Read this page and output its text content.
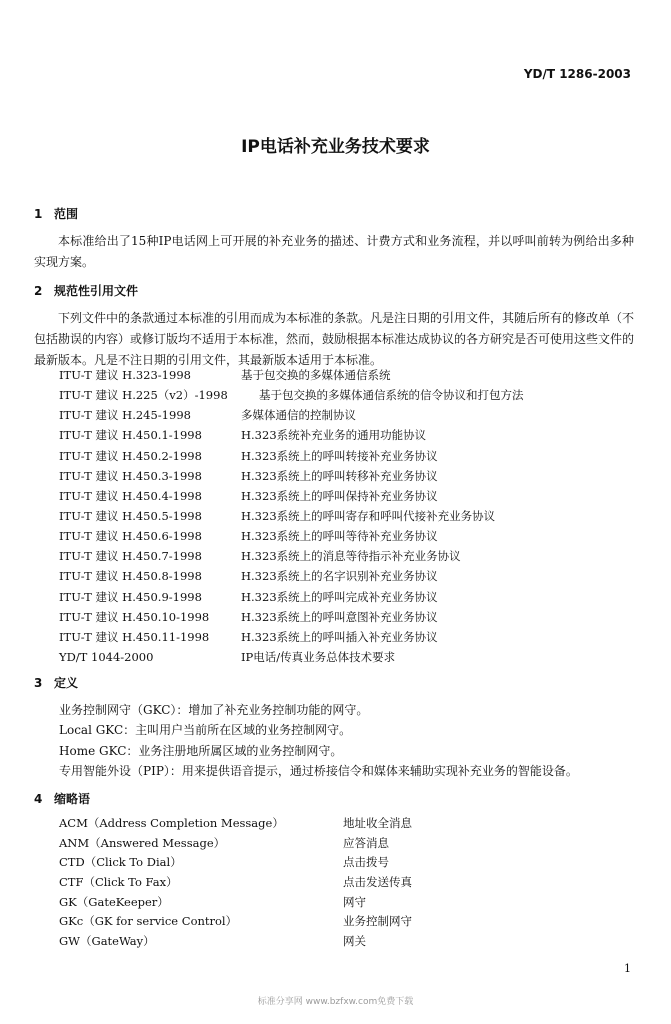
YD/T 1286-2003
IP电话补充业务技术要求
1 范围
本标准给出了15种IP电话网上可开展的补充业务的描述、计费方式和业务流程，并以呼叫前转为例给出多种实现方案。
2 规范性引用文件
下列文件中的条款通过本标准的引用而成为本标准的条款。凡是注日期的引用文件，其随后所有的修改单（不包括勘误的内容）或修订版均不适用于本标准，然而，鼓励根据本标准达成协议的各方研究是否可使用这些文件的最新版本。凡是不注日期的引用文件，其最新版本适用于本标准。
ITU-T 建议 H.323-1998	基于包交换的多媒体通信系统
ITU-T 建议 H.225（v2）-1998	基于包交换的多媒体通信系统的信令协议和打包方法
ITU-T 建议 H.245-1998	多媒体通信的控制协议
ITU-T 建议 H.450.1-1998	H.323系统补充业务的通用功能协议
ITU-T 建议 H.450.2-1998	H.323系统上的呼叫转接补充业务协议
ITU-T 建议 H.450.3-1998	H.323系统上的呼叫转移补充业务协议
ITU-T 建议 H.450.4-1998	H.323系统上的呼叫保持补充业务协议
ITU-T 建议 H.450.5-1998	H.323系统上的呼叫寄存和呼叫代接补充业务协议
ITU-T 建议 H.450.6-1998	H.323系统上的呼叫等待补充业务协议
ITU-T 建议 H.450.7-1998	H.323系统上的消息等待指示补充业务协议
ITU-T 建议 H.450.8-1998	H.323系统上的名字识别补充业务协议
ITU-T 建议 H.450.9-1998	H.323系统上的呼叫完成补充业务协议
ITU-T 建议 H.450.10-1998	H.323系统上的呼叫意图补充业务协议
ITU-T 建议 H.450.11-1998	H.323系统上的呼叫插入补充业务协议
YD/T 1044-2000	IP电话/传真业务总体技术要求
3 定义
业务控制网守（GKC）：增加了补充业务控制功能的网守。
Local GKC：主叫用户当前所在区域的业务控制网守。
Home GKC：业务注册地所属区域的业务控制网守。
专用智能外设（PIP）：用来提供语音提示，通过桥接信令和媒体来辅助实现补充业务的智能设备。
4 缩略语
ACM（Address Completion Message）	地址收全消息
ANM（Answered Message）	应答消息
CTD（Click To Dial）	点击拨号
CTF（Click To Fax）	点击发送传真
GK（GateKeeper）	网守
GKc（GK for service Control）	业务控制网守
GW（GateWay）	网关
1
标准分享网 www.bzfxw.com免费下载
